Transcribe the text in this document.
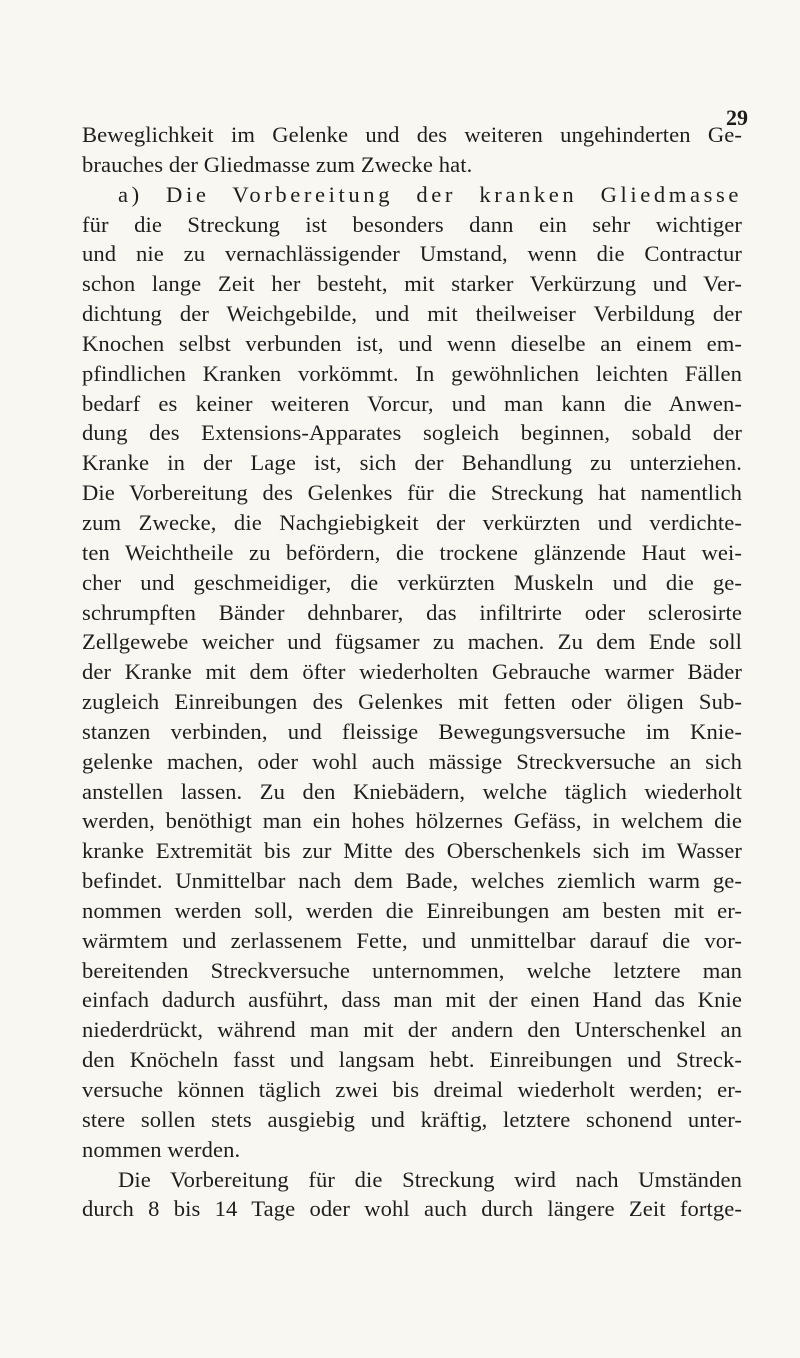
29
Beweglichkeit im Gelenke und des weiteren ungehinderten Ge-
brauches der Gliedmasse zum Zwecke hat.
a) Die Vorbereitung der kranken Gliedmasse
für die Streckung ist besonders dann ein sehr wichtiger
und nie zu vernachlässigender Umstand, wenn die Contractur
schon lange Zeit her besteht, mit starker Verkürzung und Ver-
dichtung der Weichgebilde, und mit theilweiser Verbildung der
Knochen selbst verbunden ist, und wenn dieselbe an einem em-
pfindlichen Kranken vorkömmt. In gewöhnlichen leichten Fällen
bedarf es keiner weiteren Vorcur, und man kann die Anwen-
dung des Extensions-Apparates sogleich beginnen, sobald der
Kranke in der Lage ist, sich der Behandlung zu unterziehen.
Die Vorbereitung des Gelenkes für die Streckung hat namentlich
zum Zwecke, die Nachgiebigkeit der verkürzten und verdichte-
ten Weichtheile zu befördern, die trockene glänzende Haut wei-
cher und geschmeidiger, die verkürzten Muskeln und die ge-
schrumpften Bänder dehnbarer, das infiltrirte oder sclerosirte
Zellgewebe weicher und fügsamer zu machen. Zu dem Ende soll
der Kranke mit dem öfter wiederholten Gebrauche warmer Bäder
zugleich Einreibungen des Gelenkes mit fetten oder öligen Sub-
stanzen verbinden, und fleissige Bewegungsversuche im Knie-
gelenke machen, oder wohl auch mässige Streckversuche an sich
anstellen lassen. Zu den Kniebädern, welche täglich wiederholt
werden, benöthigt man ein hohes hölzernes Gefäss, in welchem die
kranke Extremität bis zur Mitte des Oberschenkels sich im Wasser
befindet. Unmittelbar nach dem Bade, welches ziemlich warm ge-
nommen werden soll, werden die Einreibungen am besten mit er-
wärmtem und zerlassenem Fette, und unmittelbar darauf die vor-
bereitenden Streckversuche unternommen, welche letztere man
einfach dadurch ausführt, dass man mit der einen Hand das Knie
niederdrückt, während man mit der andern den Unterschenkel an
den Knöcheln fasst und langsam hebt. Einreibungen und Streck-
versuche können täglich zwei bis dreimal wiederholt werden; er-
stere sollen stets ausgiebig und kräftig, letztere schonend unter-
nommen werden.
Die Vorbereitung für die Streckung wird nach Umständen
durch 8 bis 14 Tage oder wohl auch durch längere Zeit fortge-
